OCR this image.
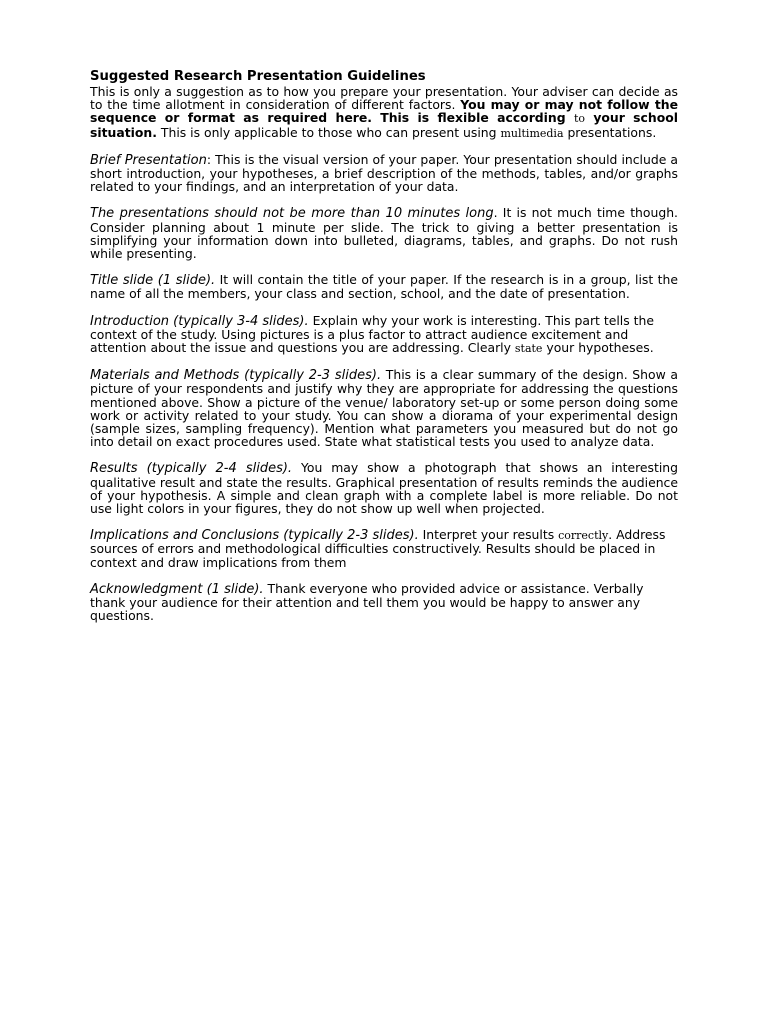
Suggested Research Presentation Guidelines

This is only a suggestion as to how you prepare your presentation. Your adviser can decide as to the time allotment in consideration of different factors. You may or may not follow the sequence or format as required here. This is flexible according to your school situation. This is only applicable to those who can present using multimedia presentations.

Brief Presentation: This is the visual version of your paper. Your presentation should include a short introduction, your hypotheses, a brief description of the methods, tables, and/or graphs related to your findings, and an interpretation of your data.

The presentations should not be more than 10 minutes long. It is not much time though. Consider planning about 1 minute per slide. The trick to giving a better presentation is simplifying your information down into bulleted, diagrams, tables, and graphs. Do not rush while presenting.

Title slide (1 slide). It will contain the title of your paper. If the research is in a group, list the name of all the members, your class and section, school, and the date of presentation.

Introduction (typically 3-4 slides). Explain why your work is interesting. This part tells the context of the study. Using pictures is a plus factor to attract audience excitement and attention about the issue and questions you are addressing. Clearly state your hypotheses.

Materials and Methods (typically 2-3 slides). This is a clear summary of the design. Show a picture of your respondents and justify why they are appropriate for addressing the questions mentioned above. Show a picture of the venue/ laboratory set-up or some person doing some work or activity related to your study. You can show a diorama of your experimental design (sample sizes, sampling frequency). Mention what parameters you measured but do not go into detail on exact procedures used. State what statistical tests you used to analyze data.

Results (typically 2-4 slides). You may show a photograph that shows an interesting qualitative result and state the results. Graphical presentation of results reminds the audience of your hypothesis. A simple and clean graph with a complete label is more reliable. Do not use light colors in your figures, they do not show up well when projected.

Implications and Conclusions (typically 2-3 slides). Interpret your results correctly. Address sources of errors and methodological difficulties constructively. Results should be placed in context and draw implications from them

Acknowledgment (1 slide). Thank everyone who provided advice or assistance. Verbally thank your audience for their attention and tell them you would be happy to answer any questions.
